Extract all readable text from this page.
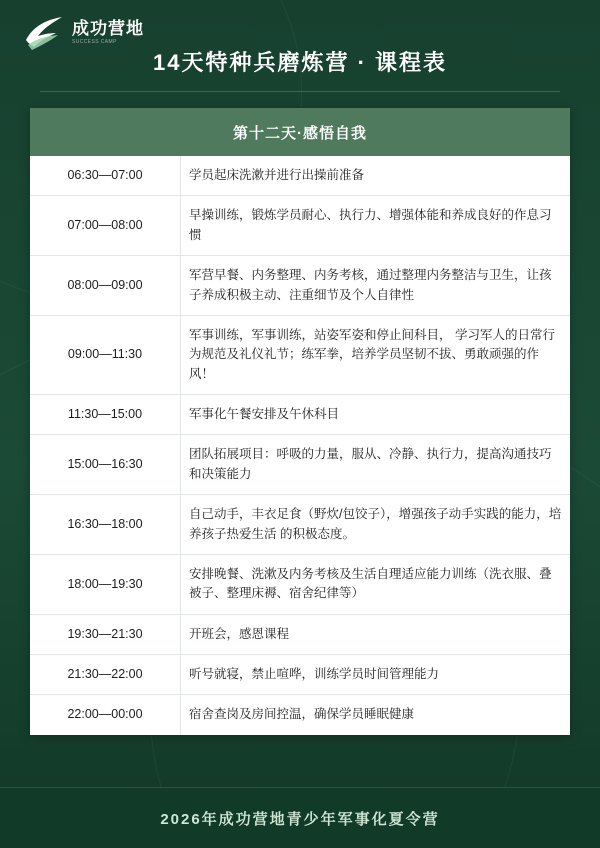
成功营地
SUCCESS CAMP
14天特种兵磨炼营 · 课程表
第十二天·感悟自我
06:30—07:00	学员起床洗漱并进行出操前准备
07:00—08:00	早操训练，锻炼学员耐心、执行力、增强体能和养成良好的作息习惯
08:00—09:00	军营早餐、内务整理、内务考核，通过整理内务整洁与卫生，让孩子养成积极主动、注重细节及个人自律性
09:00—11:30	军事训练，军事训练，站姿军姿和停止间科目， 学习军人的日常行为规范及礼仪礼节；练军拳，培养学员坚韧不拔、勇敢顽强的作风！
11:30—15:00	军事化午餐安排及午休科目
15:00—16:30	团队拓展项目：呼吸的力量，服从、冷静、执行力，提高沟通技巧和决策能力
16:30—18:00	自己动手，丰衣足食（野炊/包饺子），增强孩子动手实践的能力，培养孩子热爱生活 的积极态度。
18:00—19:30	安排晚餐、洗漱及内务考核及生活自理适应能力训练（洗衣服、叠被子、整理床褥、宿舍纪律等）
19:30—21:30	开班会，感恩课程
21:30—22:00	听号就寝，禁止喧哗，训练学员时间管理能力
22:00—00:00	宿舍查岗及房间控温，确保学员睡眠健康
2026年成功营地青少年军事化夏令营
